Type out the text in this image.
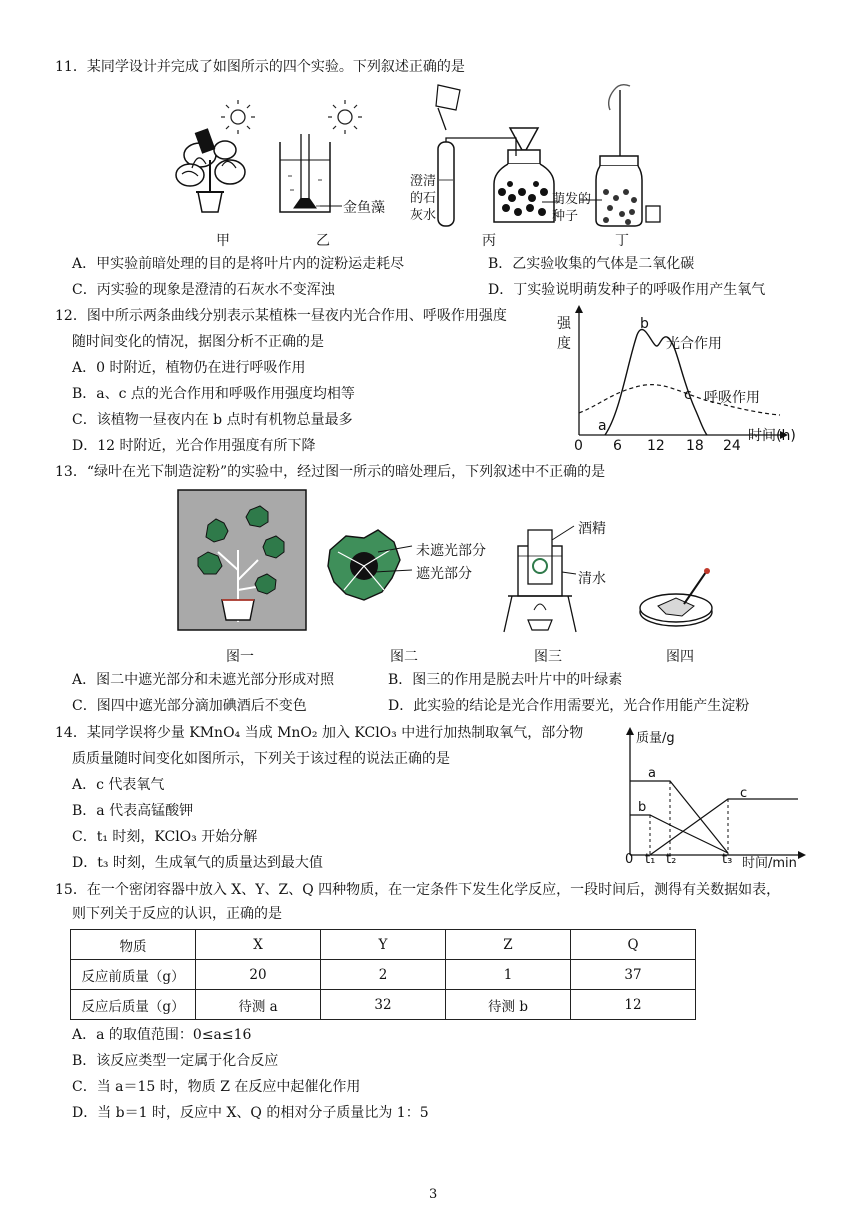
11．某同学设计并完成了如图所示的四个实验。下列叙述正确的是
金鱼藻
澄清
的石
灰水
萌发的
种子
甲	乙	丙	丁
A．甲实验前暗处理的目的是将叶片内的淀粉运走耗尽	B．乙实验收集的气体是二氧化碳
C．丙实验的现象是澄清的石灰水不变浑浊	D．丁实验说明萌发种子的呼吸作用产生氧气
12．图中所示两条曲线分别表示某植株一昼夜内光合作用、呼吸作用强度
随时间变化的情况，据图分析不正确的是
A．0 时附近，植物仍在进行呼吸作用
B．a、c 点的光合作用和呼吸作用强度均相等
C．该植物一昼夜内在 b 点时有机物总量最多
D．12 时附近，光合作用强度有所下降
强
度
b
光合作用
c 呼吸作用
a
0 6 12 18 24
时间(h)
13．“绿叶在光下制造淀粉”的实验中，经过图一所示的暗处理后，下列叙述中不正确的是
未遮光部分
遮光部分
酒精
清水
图一	图二	图三	图四
A．图二中遮光部分和未遮光部分形成对照	B．图三的作用是脱去叶片中的叶绿素
C．图四中遮光部分滴加碘酒后不变色	D．此实验的结论是光合作用需要光，光合作用能产生淀粉
14．某同学误将少量 KMnO₄ 当成 MnO₂ 加入 KClO₃ 中进行加热制取氧气，部分物
质质量随时间变化如图所示，下列关于该过程的说法正确的是
A．c 代表氧气
B．a 代表高锰酸钾
C．t₁ 时刻，KClO₃ 开始分解
D．t₃ 时刻，生成氧气的质量达到最大值
质量/g
a
b
c
0 t₁ t₂	t₃ 时间/min
15．在一个密闭容器中放入 X、Y、Z、Q 四种物质，在一定条件下发生化学反应，一段时间后，测得有关数据如表，
则下列关于反应的认识，正确的是
物质	X	Y	Z	Q
反应前质量（g）	20	2	1	37
反应后质量（g）	待测 a	32	待测 b	12
A．a 的取值范围：0≤a≤16
B．该反应类型一定属于化合反应
C．当 a＝15 时，物质 Z 在反应中起催化作用
D．当 b＝1 时，反应中 X、Q 的相对分子质量比为 1：5
3
